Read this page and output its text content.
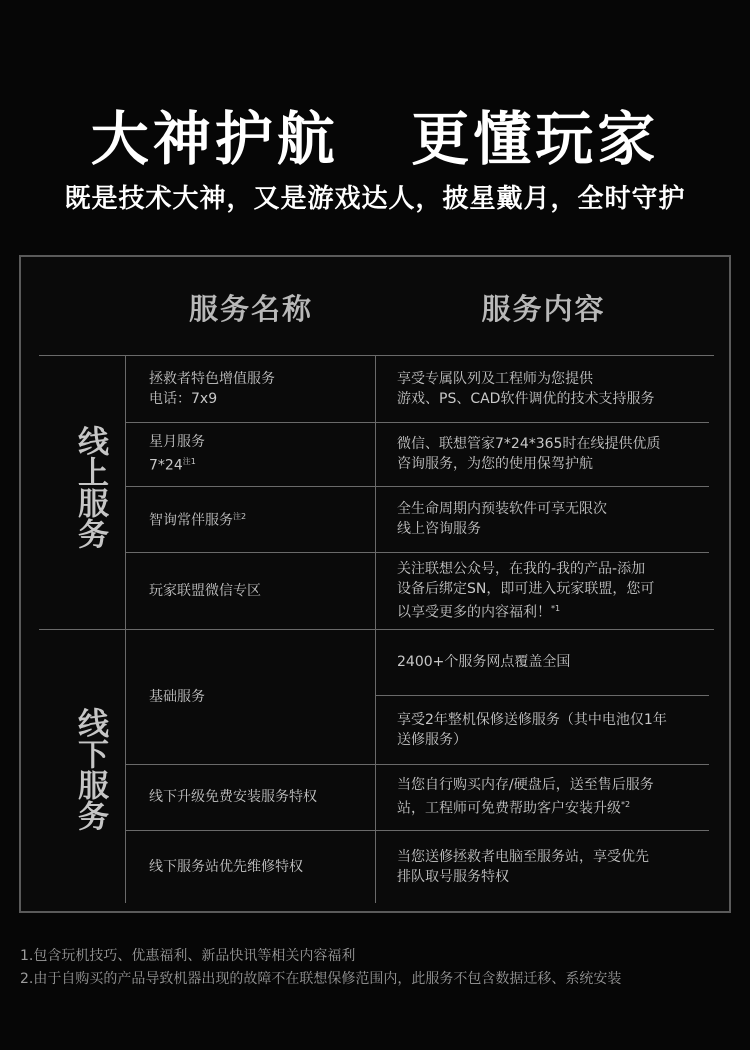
大神护航   更懂玩家
既是技术大神，又是游戏达人，披星戴月，全时守护
服务名称	服务内容
线上服务
线下服务
拯救者特色增值服务
电话：7x9
享受专属队列及工程师为您提供
游戏、PS、CAD软件调优的技术支持服务
星月服务
7*24$^{注1}$
微信、联想管家7*24*365时在线提供优质
咨询服务，为您的使用保驾护航
智询常伴服务$^{注2}$	全生命周期内预装软件可享无限次
线上咨询服务
玩家联盟微信专区
关注联想公众号，在我的-我的产品-添加
设备后绑定SN，即可进入玩家联盟，您可
以享受更多的内容福利！$^{*1}$
基础服务
2400+个服务网点覆盖全国
享受2年整机保修送修服务（其中电池仅1年
送修服务）
线下升级免费安装服务特权
当您自行购买内存/硬盘后，送至售后服务
站，工程师可免费帮助客户安装升级$^{*2}$
线下服务站优先维修特权
当您送修拯救者电脑至服务站，享受优先
排队取号服务特权
1.包含玩机技巧、优惠福利、新品快讯等相关内容福利
2.由于自购买的产品导致机器出现的故障不在联想保修范围内，此服务不包含数据迁移、系统安装
